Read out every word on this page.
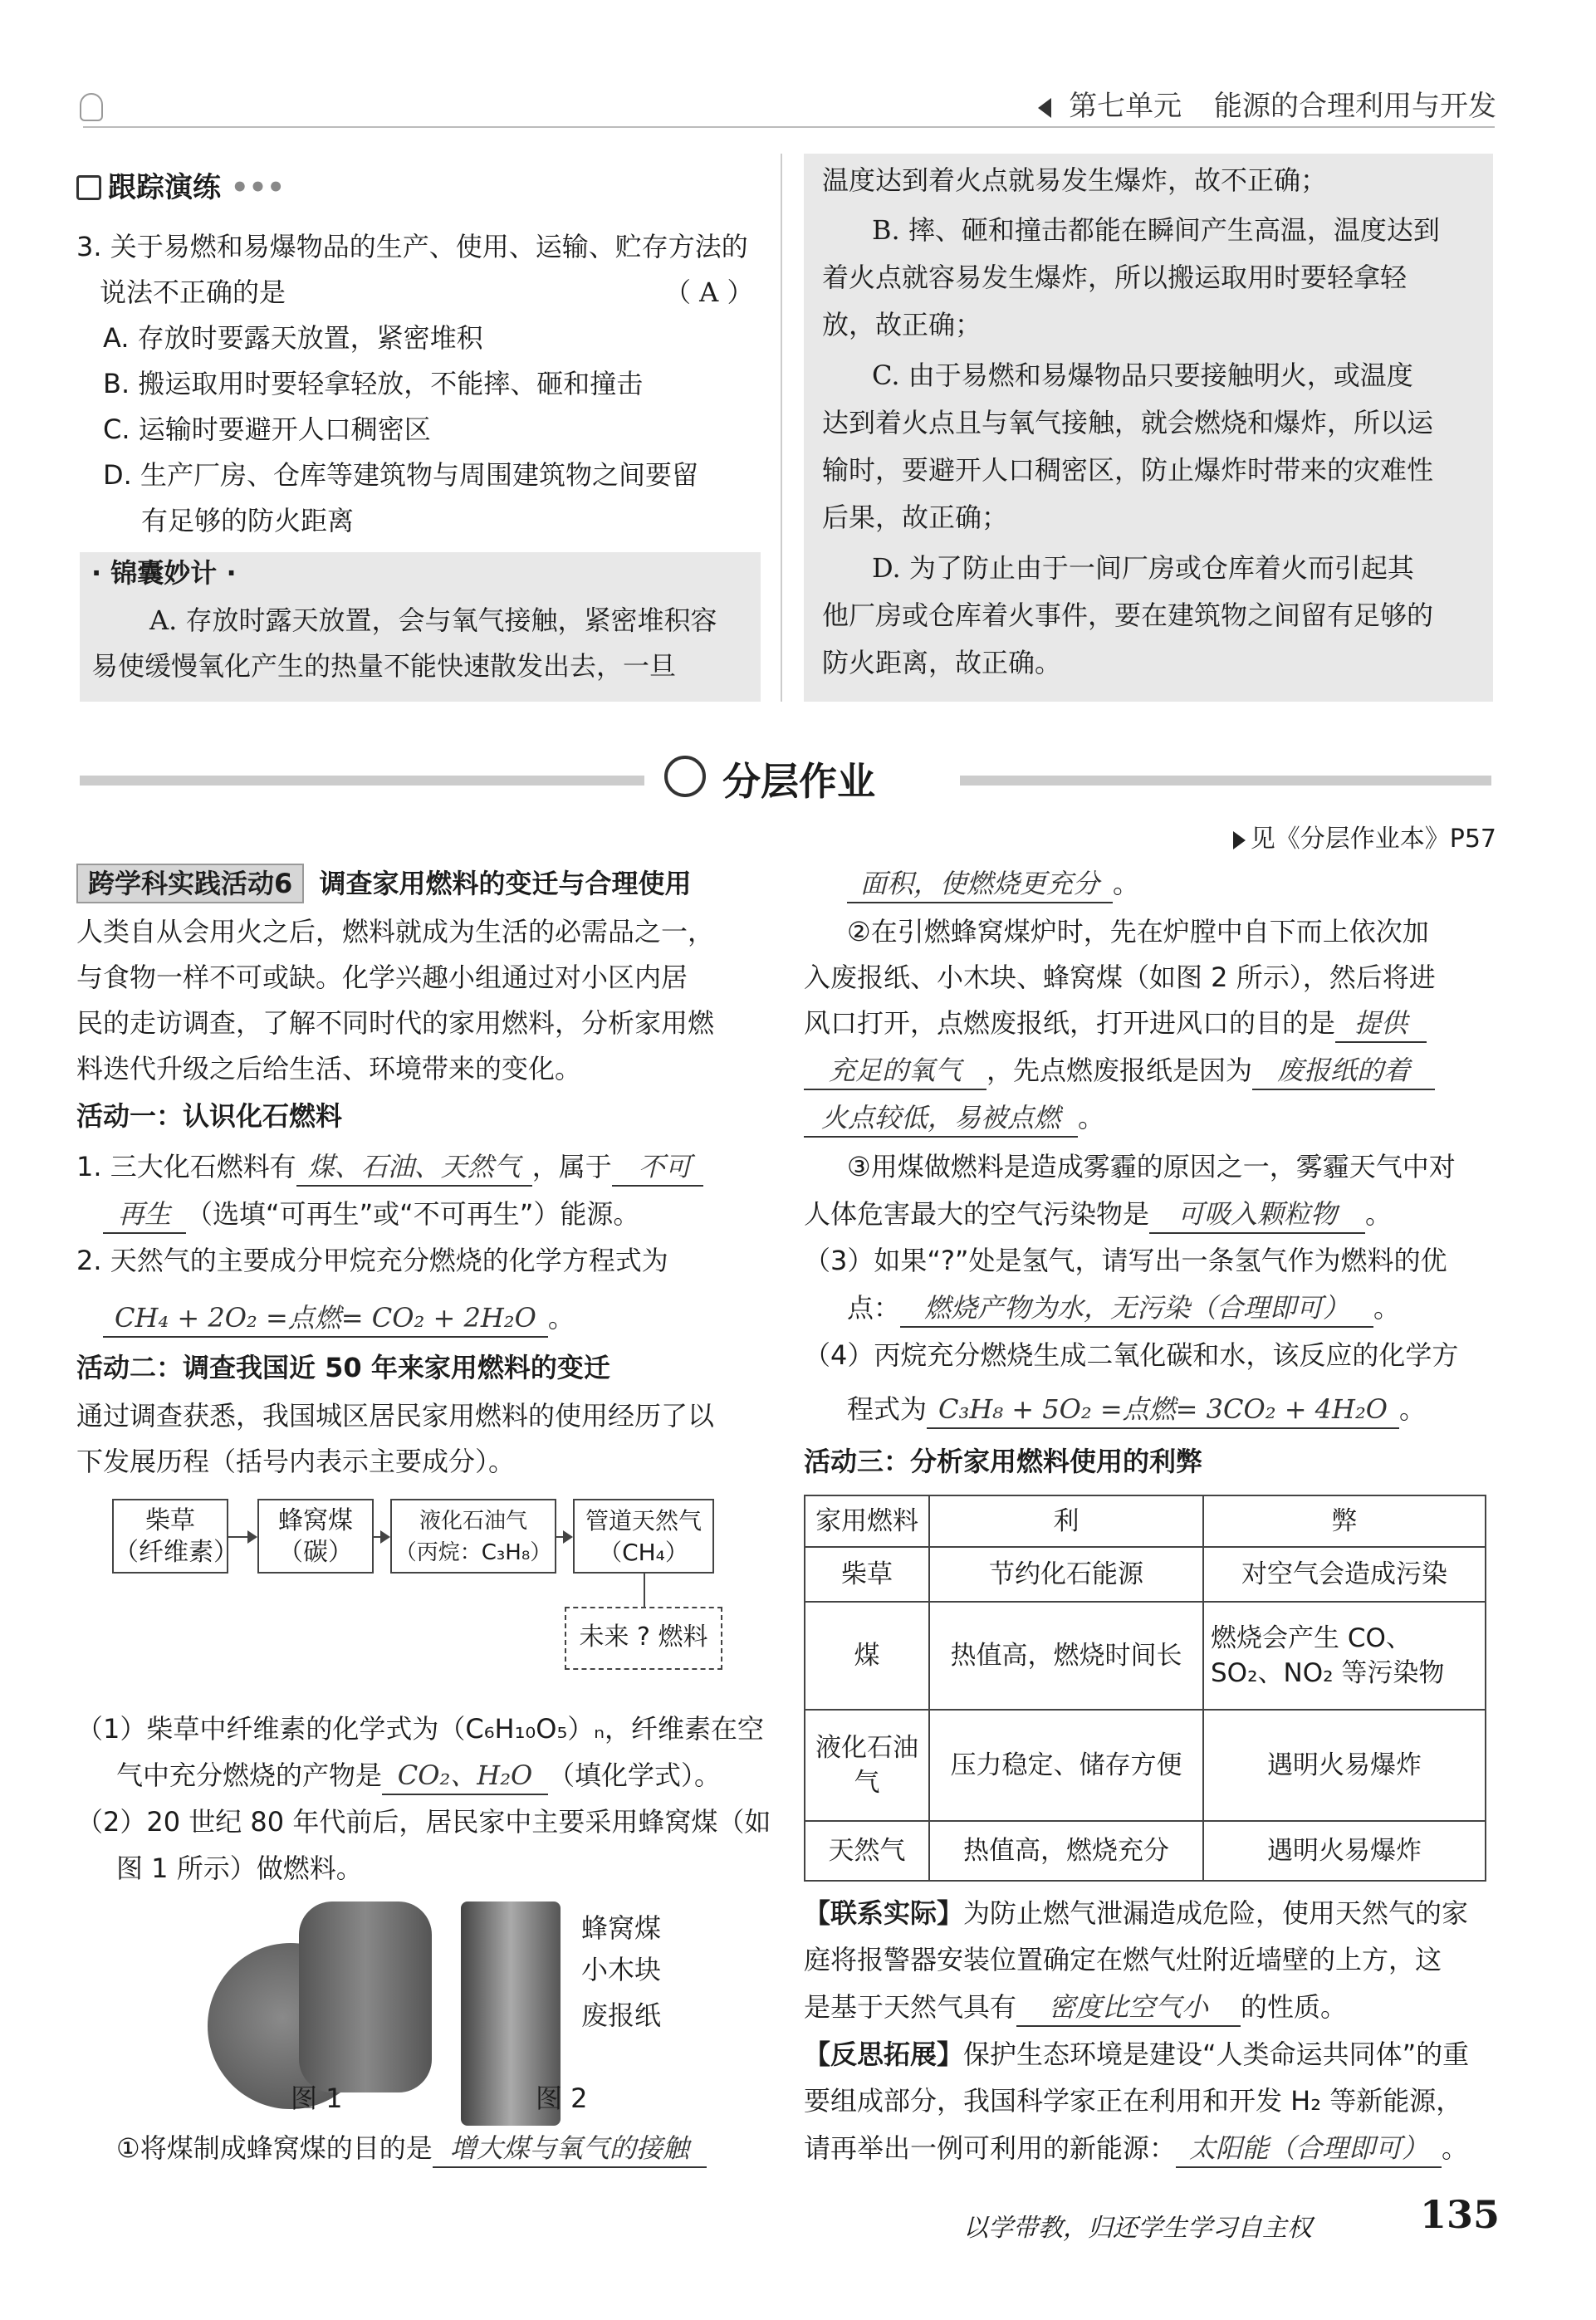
第七单元 能源的合理利用与开发
跟踪演练 •••
3. 关于易燃和易爆物品的生产、使用、运输、贮存方法的
说法不正确的是	（ A ）
A. 存放时要露天放置，紧密堆积
B. 搬运取用时要轻拿轻放，不能摔、砸和撞击
C. 运输时要避开人口稠密区
D. 生产厂房、仓库等建筑物与周围建筑物之间要留
有足够的防火距离
· 锦囊妙计 ·
A. 存放时露天放置，会与氧气接触，紧密堆积容
易使缓慢氧化产生的热量不能快速散发出去，一旦
温度达到着火点就易发生爆炸，故不正确；
B. 摔、砸和撞击都能在瞬间产生高温，温度达到
着火点就容易发生爆炸，所以搬运取用时要轻拿轻
放，故正确；
C. 由于易燃和易爆物品只要接触明火，或温度
达到着火点且与氧气接触，就会燃烧和爆炸，所以运
输时，要避开人口稠密区，防止爆炸时带来的灾难性
后果，故正确；
D. 为了防止由于一间厂房或仓库着火而引起其
他厂房或仓库着火事件，要在建筑物之间留有足够的
防火距离，故正确。
分层作业
见《分层作业本》P57
跨学科实践活动6 调查家用燃料的变迁与合理使用
人类自从会用火之后，燃料就成为生活的必需品之一，
与食物一样不可或缺。化学兴趣小组通过对小区内居
民的走访调查，了解不同时代的家用燃料，分析家用燃
料迭代升级之后给生活、环境带来的变化。
活动一：认识化石燃料
1. 三大化石燃料有 煤、石油、天然气 ，属于 不可
再生 （选填“可再生”或“不可再生”）能源。
2. 天然气的主要成分甲烷充分燃烧的化学方程式为
CH₄ + 2O₂ =点燃= CO₂ + 2H₂O 。
活动二：调查我国近 50 年来家用燃料的变迁
通过调查获悉，我国城区居民家用燃料的使用经历了以
下发展历程（括号内表示主要成分）。
柴草
（纤维素）
蜂窝煤
（碳）
液化石油气
（丙烷：C₃H₈）
管道天然气
（CH₄）
未来 ? 燃料
（1）柴草中纤维素的化学式为（C₆H₁₀O₅）ₙ，纤维素在空
气中充分燃烧的产物是 CO₂、H₂O （填化学式）。
（2）20 世纪 80 年代前后，居民家中主要采用蜂窝煤（如
图 1 所示）做燃料。
蜂窝煤
小木块
废报纸
图 1	图 2
①将煤制成蜂窝煤的目的是 增大煤与氧气的接触
面积，使燃烧更充分 。
②在引燃蜂窝煤炉时，先在炉膛中自下而上依次加
入废报纸、小木块、蜂窝煤（如图 2 所示），然后将进
风口打开，点燃废报纸，打开进风口的目的是 提供
充足的氧气 ，先点燃废报纸是因为 废报纸的着
火点较低，易被点燃 。
③用煤做燃料是造成雾霾的原因之一，雾霾天气中对
人体危害最大的空气污染物是 可吸入颗粒物 。
（3）如果“?”处是氢气，请写出一条氢气作为燃料的优
点： 燃烧产物为水，无污染（合理即可） 。
（4）丙烷充分燃烧生成二氧化碳和水，该反应的化学方
程式为 C₃H₈ + 5O₂ =点燃= 3CO₂ + 4H₂O 。
活动三：分析家用燃料使用的利弊
家用燃料	利	弊
柴草	节约化石能源	对空气会造成污染
煤	热值高，燃烧时间长	燃烧会产生 CO、SO₂、NO₂ 等污染物
液化石油气	压力稳定、储存方便	遇明火易爆炸
天然气	热值高，燃烧充分	遇明火易爆炸
【联系实际】为防止燃气泄漏造成危险，使用天然气的家
庭将报警器安装位置确定在燃气灶附近墙壁的上方，这
是基于天然气具有 密度比空气小 的性质。
【反思拓展】保护生态环境是建设“人类命运共同体”的重
要组成部分，我国科学家正在利用和开发 H₂ 等新能源，
请再举出一例可利用的新能源： 太阳能（合理即可） 。
以学带教，归还学生学习自主权	135
